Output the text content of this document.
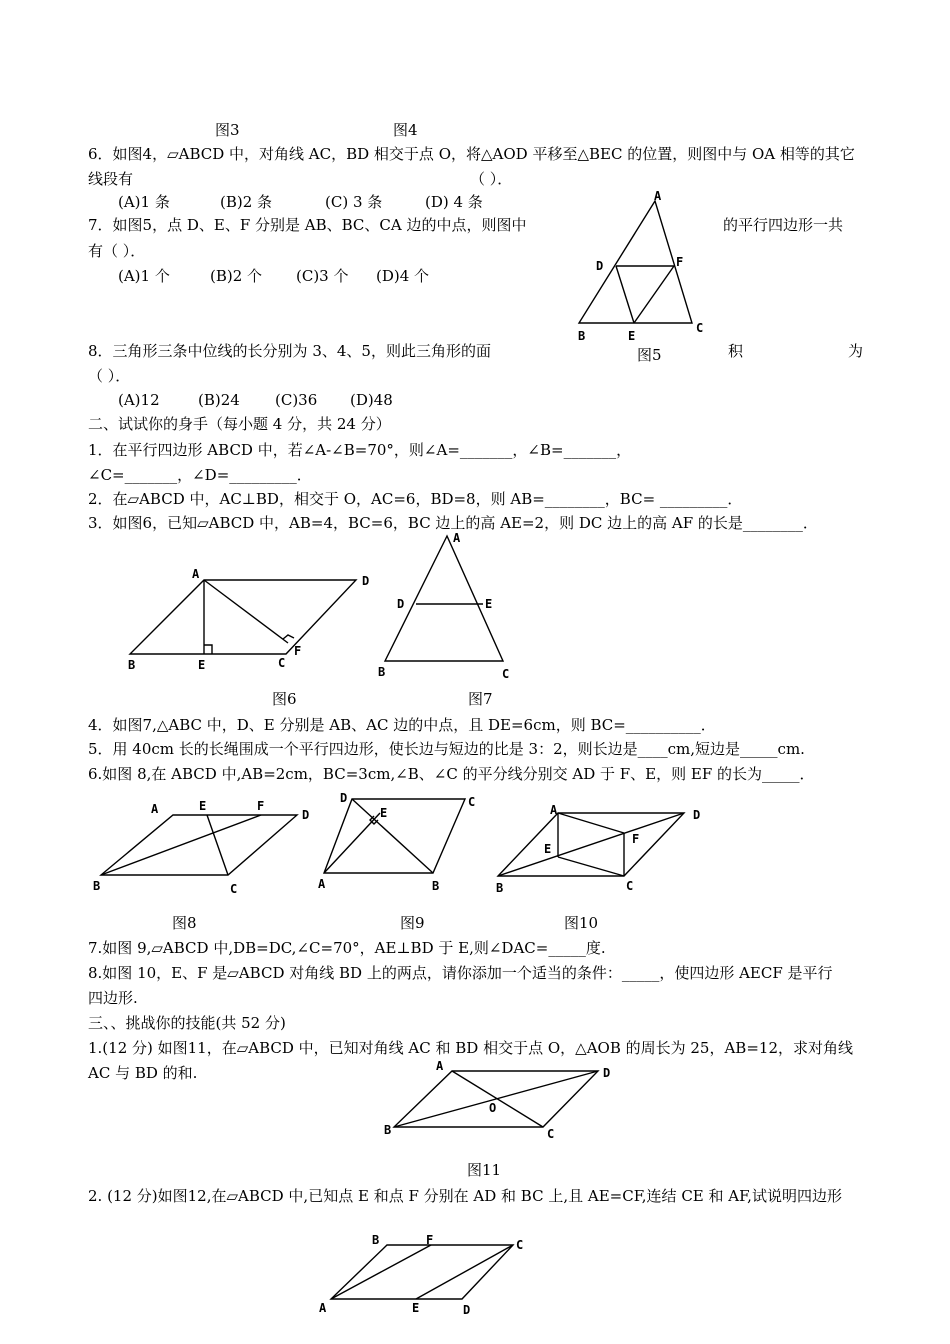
图3	图4
6．如图4，▱ABCD 中，对角线 AC，BD 相交于点 O，将△AOD 平移至△BEC 的位置，则图中与 OA 相等的其它
线段有	（ ）．
(A)1 条	(B)2 条	(C) 3 条	(D) 4 条
7．如图5，点 D、E、F 分别是 AB、BC、CA 边的中点，则图中	的平行四边形一共
有（ ）．
(A)1 个	(B)2 个 (C)3 个 (D)4 个
A
B
C
D
E
F
8．三角形三条中位线的长分别为 3、4、5，则此三角形的面	图5	积	为
（ ）．
(A)12	(B)24 (C)36 (D)48
二、试试你的身手（每小题 4 分，共 24 分）
1．在平行四边形 ABCD 中，若∠A-∠B=70°，则∠A=_______，∠B=_______，
∠C=_______，∠D=_________．
2．在▱ABCD 中，AC⊥BD，相交于 O，AC=6，BD=8，则 AB=________，BC= _________．
3．如图6，已知▱ABCD 中，AB=4，BC=6，BC 边上的高 AE=2，则 DC 边上的高 AF 的长是________．
A
B	C
D
E
F
A
B	C
D	E
图6	图7
4．如图7,△ABC 中，D、E 分别是 AB、AC 边的中点，且 DE=6cm，则 BC=__________．
5．用 40cm 长的长绳围成一个平行四边形，使长边与短边的比是 3：2，则长边是____cm,短边是_____cm.
6.如图 8,在 ABCD 中,AB=2cm，BC=3cm,∠B、∠C 的平分线分别交 AD 于 F、E，则 EF 的长为_____．
A
B	C
D
E	F
A	B
C
D
E	A
B	C
D
E
F
图8	图9	图10
7.如图 9,▱ABCD 中,DB=DC,∠C=70°，AE⊥BD 于 E,则∠DAC=_____度.
8.如图 10，E、F 是▱ABCD 对角线 BD 上的两点，请你添加一个适当的条件：_____，使四边形 AECF 是平行
四边形.
三、、挑战你的技能(共 52 分)
1.(12 分) 如图11，在▱ABCD 中，已知对角线 AC 和 BD 相交于点 O，△AOB 的周长为 25，AB=12，求对角线
AC 与 BD 的和.	A
B	C
D
O
图11
2. (12 分)如图12,在▱ABCD 中,已知点 E 和点 F 分别在 AD 和 BC 上,且 AE=CF,连结 CE 和 AF,试说明四边形
B	F	C
A	E	D
